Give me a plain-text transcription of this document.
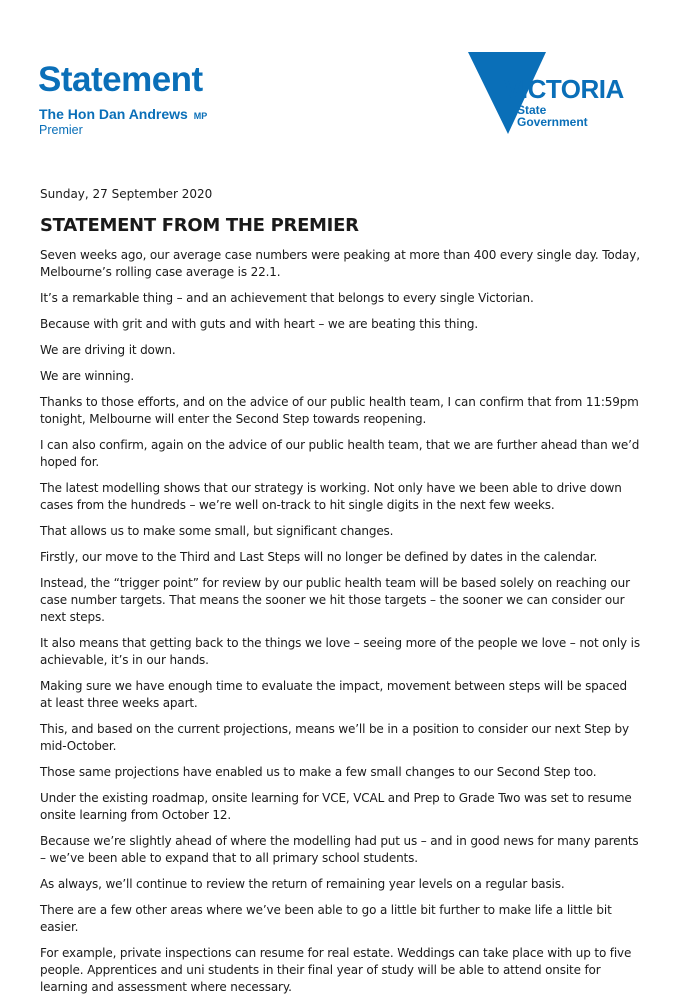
Statement
The Hon Dan Andrews MP
Premier
VICTORIA
State
Government
Sunday, 27 September 2020
STATEMENT FROM THE PREMIER

Seven weeks ago, our average case numbers were peaking at more than 400 every single day. Today, Melbourne’s rolling case average is 22.1.

It’s a remarkable thing – and an achievement that belongs to every single Victorian.

Because with grit and with guts and with heart – we are beating this thing.

We are driving it down.

We are winning.

Thanks to those efforts, and on the advice of our public health team, I can confirm that from 11:59pm tonight, Melbourne will enter the Second Step towards reopening.

I can also confirm, again on the advice of our public health team, that we are further ahead than we’d hoped for.

The latest modelling shows that our strategy is working. Not only have we been able to drive down cases from the hundreds – we’re well on-track to hit single digits in the next few weeks.

That allows us to make some small, but significant changes.

Firstly, our move to the Third and Last Steps will no longer be defined by dates in the calendar.

Instead, the “trigger point” for review by our public health team will be based solely on reaching our case number targets. That means the sooner we hit those targets – the sooner we can consider our next steps.

It also means that getting back to the things we love – seeing more of the people we love – not only is achievable, it’s in our hands.

Making sure we have enough time to evaluate the impact, movement between steps will be spaced at least three weeks apart.

This, and based on the current projections, means we’ll be in a position to consider our next Step by mid-October.

Those same projections have enabled us to make a few small changes to our Second Step too.

Under the existing roadmap, onsite learning for VCE, VCAL and Prep to Grade Two was set to resume onsite learning from October 12.

Because we’re slightly ahead of where the modelling had put us – and in good news for many parents – we’ve been able to expand that to all primary school students.

As always, we’ll continue to review the return of remaining year levels on a regular basis.

There are a few other areas where we’ve been able to go a little bit further to make life a little bit easier.

For example, private inspections can resume for real estate. Weddings can take place with up to five people. Apprentices and uni students in their final year of study will be able to attend onsite for learning and assessment where necessary.
